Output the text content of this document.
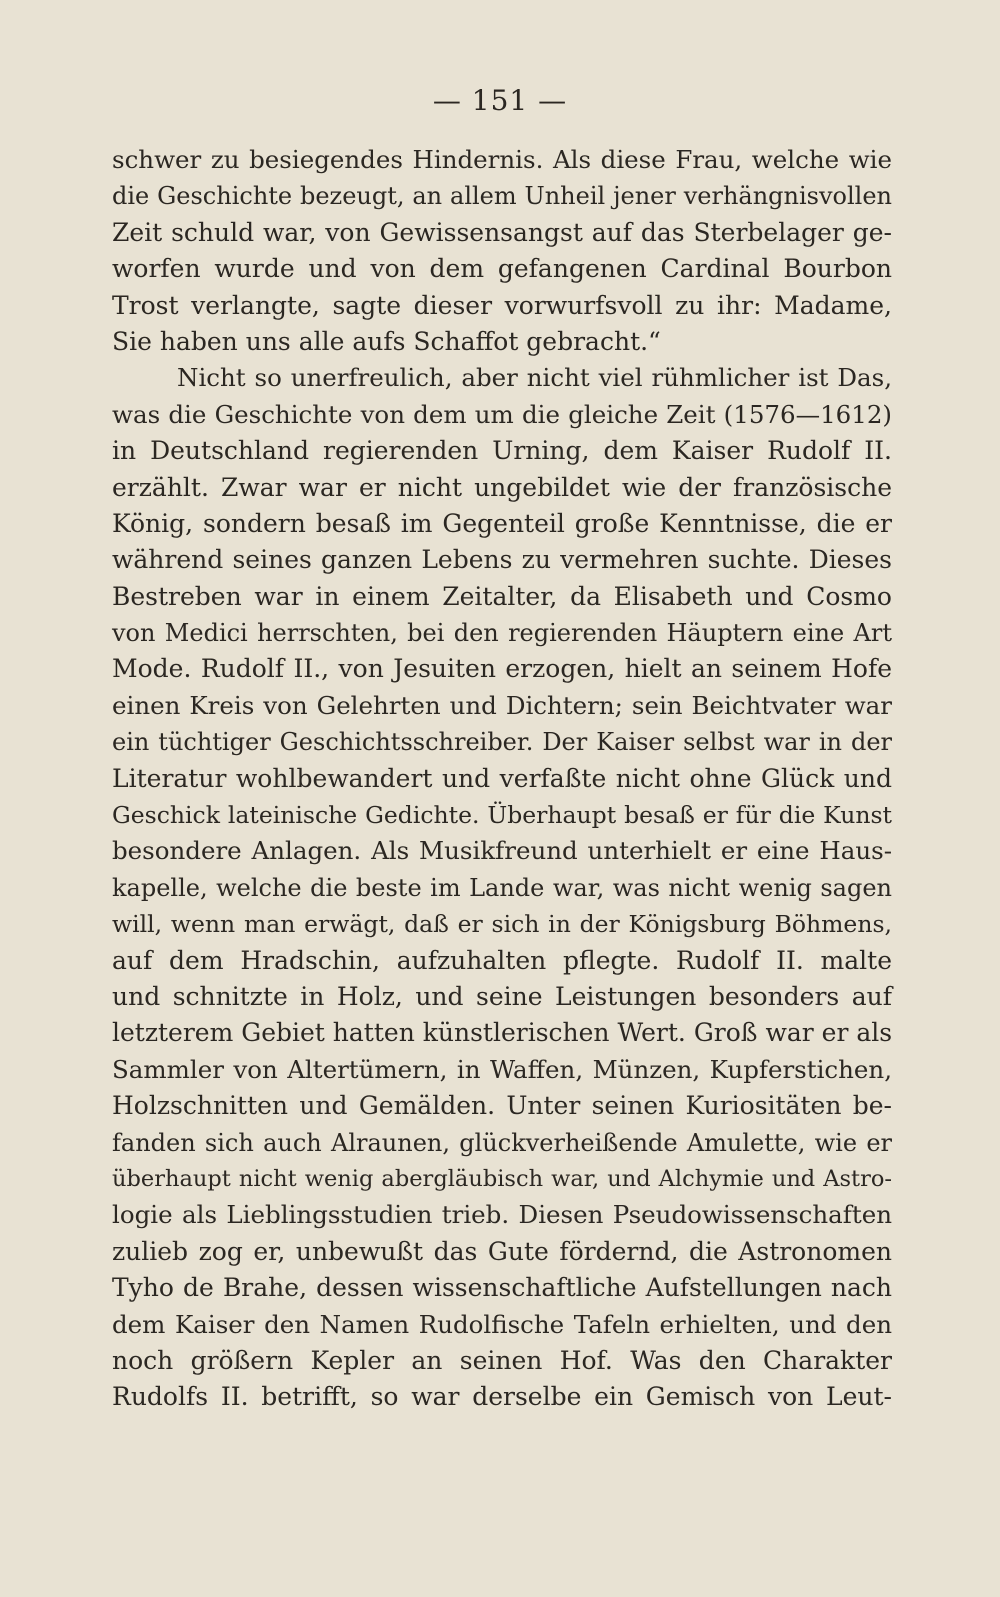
— 151 —
schwer zu besiegendes Hindernis. Als diese Frau, welche wie
die Geschichte bezeugt, an allem Unheil jener verhängnisvollen
Zeit schuld war, von Gewissensangst auf das Sterbelager ge-
worfen wurde und von dem gefangenen Cardinal Bourbon
Trost verlangte, sagte dieser vorwurfsvoll zu ihr: Madame,
Sie haben uns alle aufs Schaffot gebracht.“
Nicht so unerfreulich, aber nicht viel rühmlicher ist Das,
was die Geschichte von dem um die gleiche Zeit (1576—1612)
in Deutschland regierenden Urning, dem Kaiser Rudolf II.
erzählt. Zwar war er nicht ungebildet wie der französische
König, sondern besaß im Gegenteil große Kenntnisse, die er
während seines ganzen Lebens zu vermehren suchte. Dieses
Bestreben war in einem Zeitalter, da Elisabeth und Cosmo
von Medici herrschten, bei den regierenden Häuptern eine Art
Mode. Rudolf II., von Jesuiten erzogen, hielt an seinem Hofe
einen Kreis von Gelehrten und Dichtern; sein Beichtvater war
ein tüchtiger Geschichtsschreiber. Der Kaiser selbst war in der
Literatur wohlbewandert und verfaßte nicht ohne Glück und
Geschick lateinische Gedichte. Überhaupt besaß er für die Kunst
besondere Anlagen. Als Musikfreund unterhielt er eine Haus-
kapelle, welche die beste im Lande war, was nicht wenig sagen
will, wenn man erwägt, daß er sich in der Königsburg Böhmens,
auf dem Hradschin, aufzuhalten pflegte. Rudolf II. malte
und schnitzte in Holz, und seine Leistungen besonders auf
letzterem Gebiet hatten künstlerischen Wert. Groß war er als
Sammler von Altertümern, in Waffen, Münzen, Kupferstichen,
Holzschnitten und Gemälden. Unter seinen Kuriositäten be-
fanden sich auch Alraunen, glückverheißende Amulette, wie er
überhaupt nicht wenig abergläubisch war, und Alchymie und Astro-
logie als Lieblingsstudien trieb. Diesen Pseudowissenschaften
zulieb zog er, unbewußt das Gute fördernd, die Astronomen
Tyho de Brahe, dessen wissenschaftliche Aufstellungen nach
dem Kaiser den Namen Rudolfische Tafeln erhielten, und den
noch größern Kepler an seinen Hof. Was den Charakter
Rudolfs II. betrifft, so war derselbe ein Gemisch von Leut-
